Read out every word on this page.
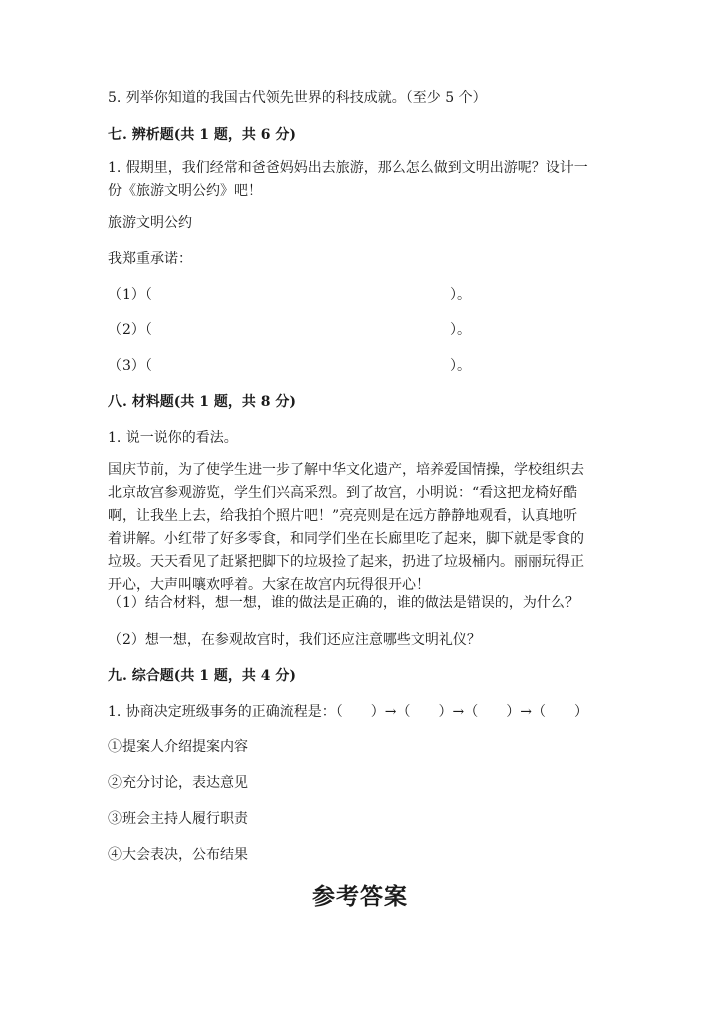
5. 列举你知道的我国古代领先世界的科技成就。（至少 5 个）
七. 辨析题(共 1 题，共 6 分)
1. 假期里，我们经常和爸爸妈妈出去旅游，那么怎么做到文明出游呢？设计一
份《旅游文明公约》吧！
旅游文明公约
我郑重承诺：
（1）（	）。
（2）（	）。
（3）（	）。
八. 材料题(共 1 题，共 8 分)
1. 说一说你的看法。
国庆节前，为了使学生进一步了解中华文化遗产，培养爱国情操，学校组织去
北京故宫参观游览，学生们兴高采烈。到了故宫，小明说：“看这把龙椅好酷
啊，让我坐上去，给我拍个照片吧！”亮亮则是在远方静静地观看，认真地听
着讲解。小红带了好多零食，和同学们坐在长廊里吃了起来，脚下就是零食的
垃圾。天天看见了赶紧把脚下的垃圾捡了起来，扔进了垃圾桶内。丽丽玩得正
开心，大声叫嚷欢呼着。大家在故宫内玩得很开心！
（1）结合材料，想一想，谁的做法是正确的，谁的做法是错误的，为什么？
（2）想一想，在参观故宫时，我们还应注意哪些文明礼仪？
九. 综合题(共 1 题，共 4 分)
1. 协商决定班级事务的正确流程是：（　　）→（　　）→（　　）→（　　）
①提案人介绍提案内容
②充分讨论，表达意见
③班会主持人履行职责
④大会表决，公布结果
参考答案
